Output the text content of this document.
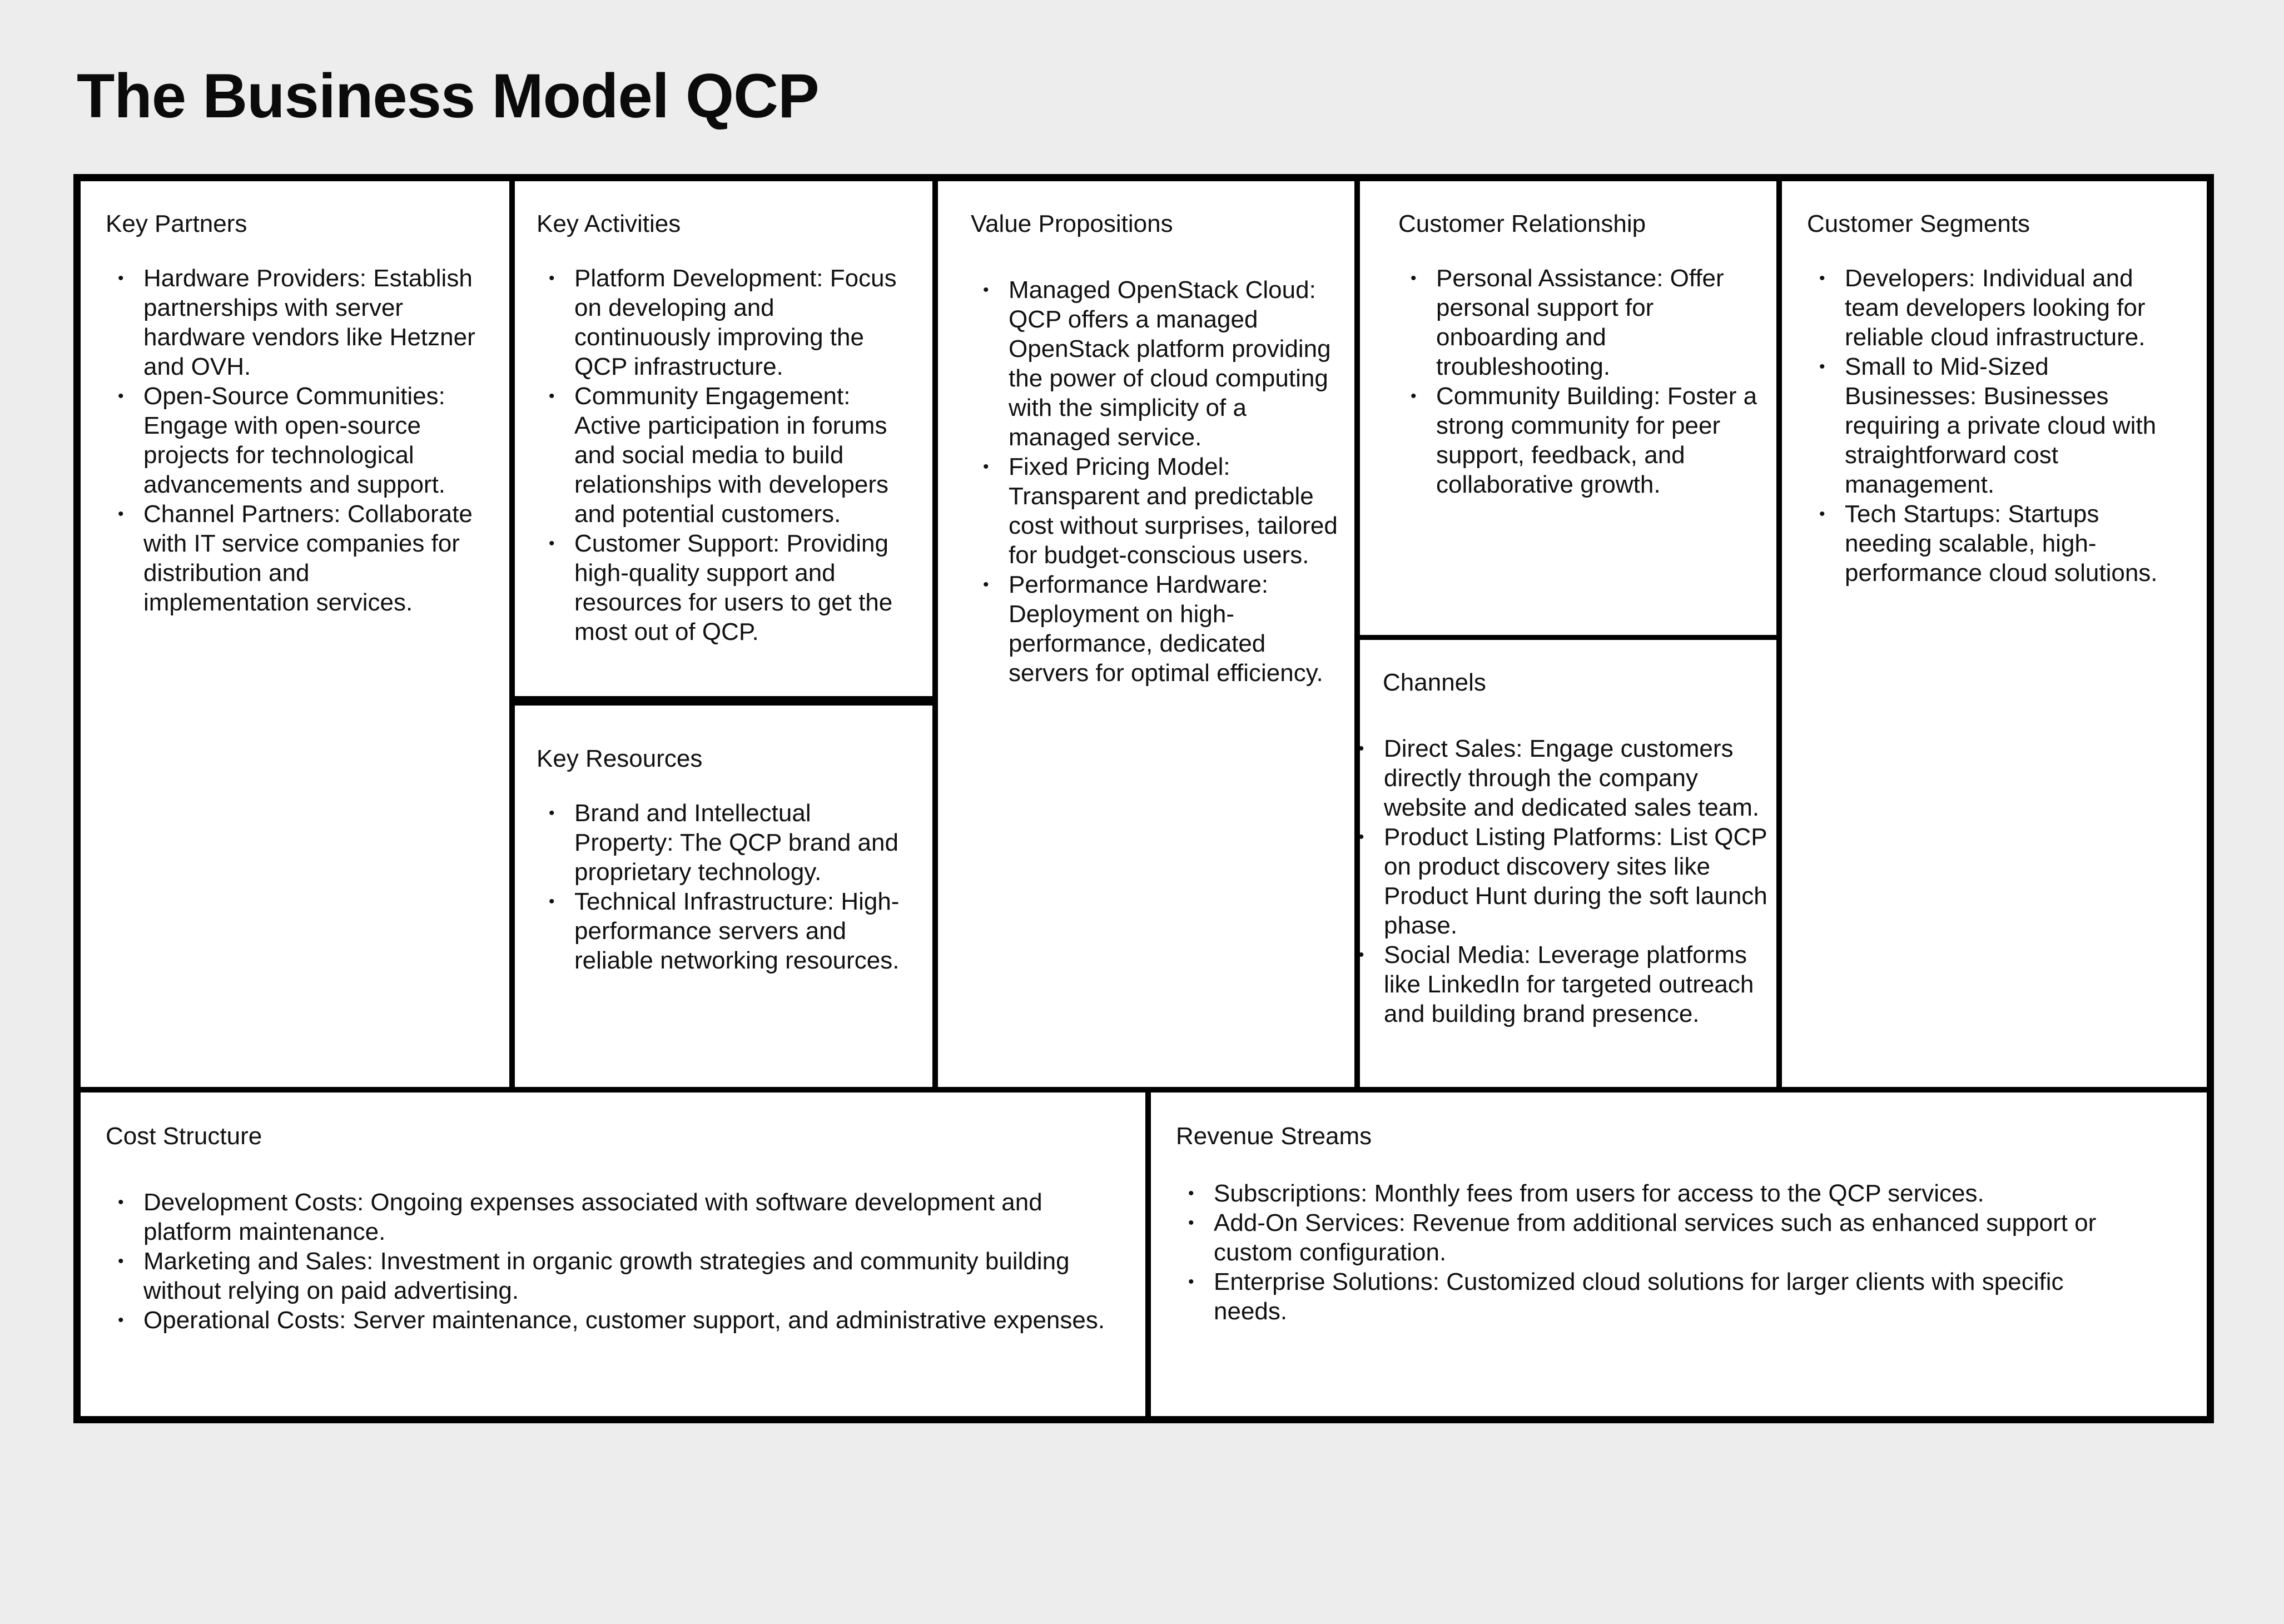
The Business Model QCP
Key Partners
• Hardware Providers: Establish partnerships with server hardware vendors like Hetzner and OVH.
• Open-Source Communities: Engage with open-source projects for technological advancements and support.
• Channel Partners: Collaborate with IT service companies for distribution and implementation services.
Key Activities
• Platform Development: Focus on developing and continuously improving the QCP infrastructure.
• Community Engagement: Active participation in forums and social media to build relationships with developers and potential customers.
• Customer Support: Providing high-quality support and resources for users to get the most out of QCP.
Key Resources
• Brand and Intellectual Property: The QCP brand and proprietary technology.
• Technical Infrastructure: High-performance servers and reliable networking resources.
Value Propositions
• Managed OpenStack Cloud: QCP offers a managed OpenStack platform providing the power of cloud computing with the simplicity of a managed service.
• Fixed Pricing Model: Transparent and predictable cost without surprises, tailored for budget-conscious users.
• Performance Hardware: Deployment on high-performance, dedicated servers for optimal efficiency.
Customer Relationship
• Personal Assistance: Offer personal support for onboarding and troubleshooting.
• Community Building: Foster a strong community for peer support, feedback, and collaborative growth.
Channels
• Direct Sales: Engage customers directly through the company website and dedicated sales team.
• Product Listing Platforms: List QCP on product discovery sites like Product Hunt during the soft launch phase.
• Social Media: Leverage platforms like LinkedIn for targeted outreach and building brand presence.
Customer Segments
• Developers: Individual and team developers looking for reliable cloud infrastructure.
• Small to Mid-Sized Businesses: Businesses requiring a private cloud with straightforward cost management.
• Tech Startups: Startups needing scalable, high-performance cloud solutions.
Cost Structure
• Development Costs: Ongoing expenses associated with software development and platform maintenance.
• Marketing and Sales: Investment in organic growth strategies and community building without relying on paid advertising.
• Operational Costs: Server maintenance, customer support, and administrative expenses.
Revenue Streams
• Subscriptions: Monthly fees from users for access to the QCP services.
• Add-On Services: Revenue from additional services such as enhanced support or custom configuration.
• Enterprise Solutions: Customized cloud solutions for larger clients with specific needs.
